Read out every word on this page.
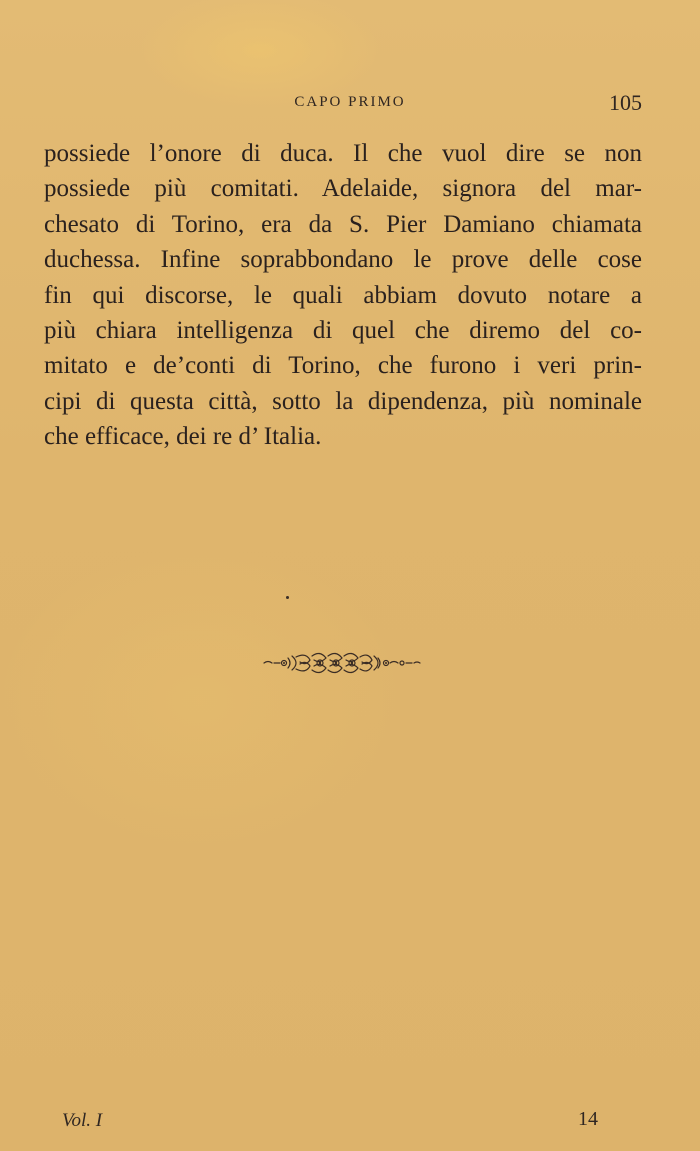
CAPO PRIMO	105
possiede l’onore di duca. Il che vuol dire se non
possiede più comitati. Adelaide, signora del mar-
chesato di Torino, era da S. Pier Damiano chiamata
duchessa. Infine soprabbondano le prove delle cose
fin qui discorse, le quali abbiam dovuto notare a
più chiara intelligenza di quel che diremo del co-
mitato e de’conti di Torino, che furono i veri prin-
cipi di questa città, sotto la dipendenza, più nominale
che efficace, dei re d’ Italia.
Vol. I	14
